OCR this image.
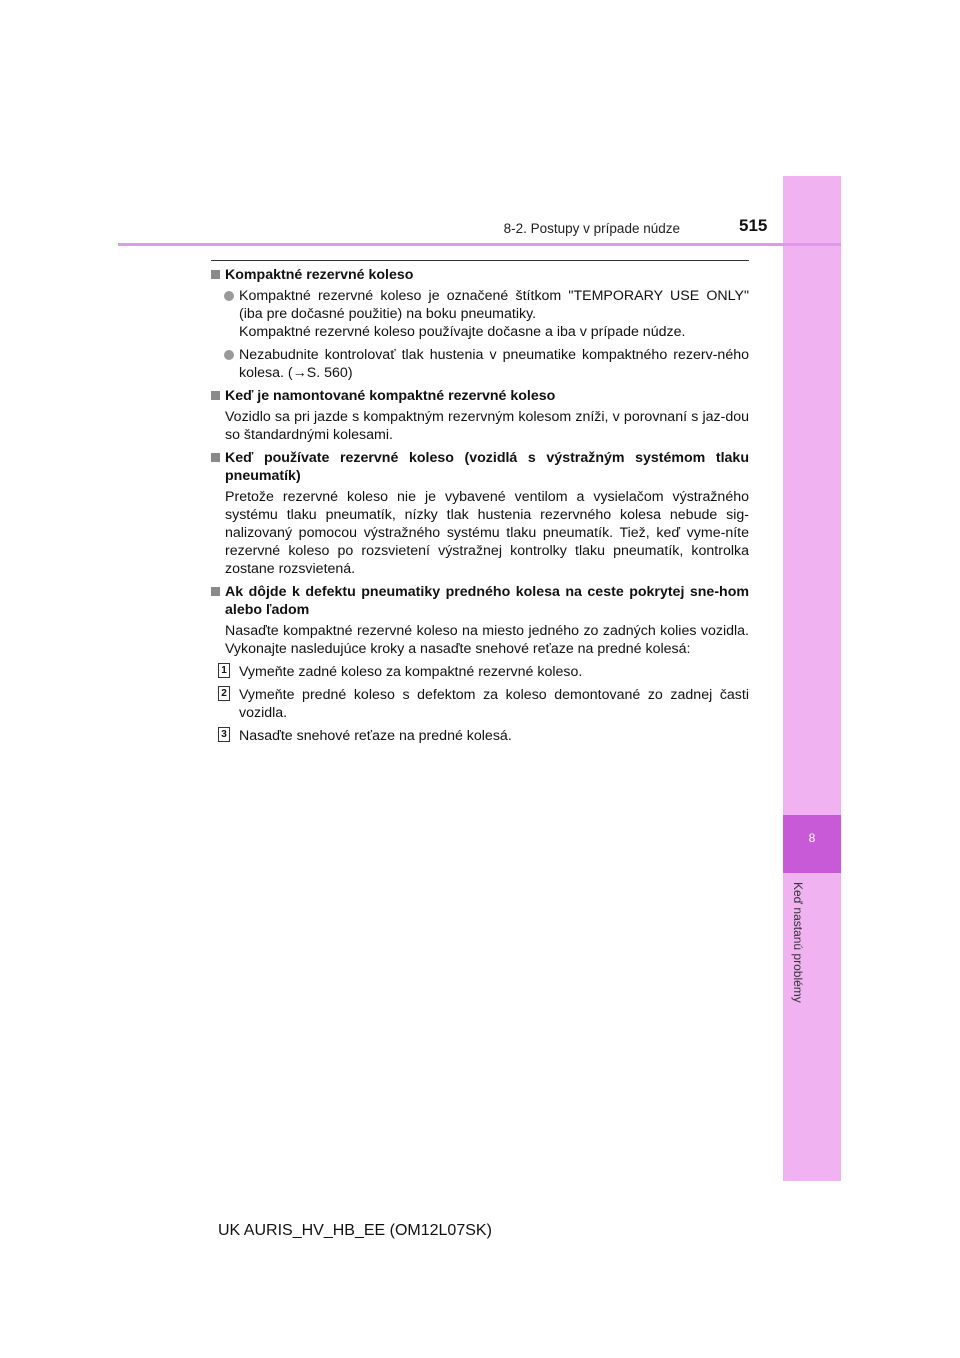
8
Keď nastanú problémy
8-2. Postupy v prípade núdze	515
Kompaktné rezervné koleso
Kompaktné rezervné koleso je označené štítkom "TEMPORARY USE ONLY" (iba pre dočasné použitie) na boku pneumatiky.
Kompaktné rezervné koleso používajte dočasne a iba v prípade núdze.
Nezabudnite kontrolovať tlak hustenia v pneumatike kompaktného rezerv-ného kolesa. (→S. 560)
Keď je namontované kompaktné rezervné koleso
Vozidlo sa pri jazde s kompaktným rezervným kolesom zníži, v porovnaní s jaz-dou so štandardnými kolesami.
Keď používate rezervné koleso (vozidlá s výstražným systémom tlaku pneumatík)
Pretože rezervné koleso nie je vybavené ventilom a vysielačom výstražného systému tlaku pneumatík, nízky tlak hustenia rezervného kolesa nebude sig-nalizovaný pomocou výstražného systému tlaku pneumatík. Tiež, keď vyme-níte rezervné koleso po rozsvietení výstražnej kontrolky tlaku pneumatík, kontrolka zostane rozsvietená.
Ak dôjde k defektu pneumatiky predného kolesa na ceste pokrytej sne-hom alebo ľadom
Nasaďte kompaktné rezervné koleso na miesto jedného zo zadných kolies vozidla. Vykonajte nasledujúce kroky a nasaďte snehové reťaze na predné kolesá:
1 Vymeňte zadné koleso za kompaktné rezervné koleso.
2 Vymeňte predné koleso s defektom za koleso demontované zo zadnej časti vozidla.
3 Nasaďte snehové reťaze na predné kolesá.
UK AURIS_HV_HB_EE (OM12L07SK)
